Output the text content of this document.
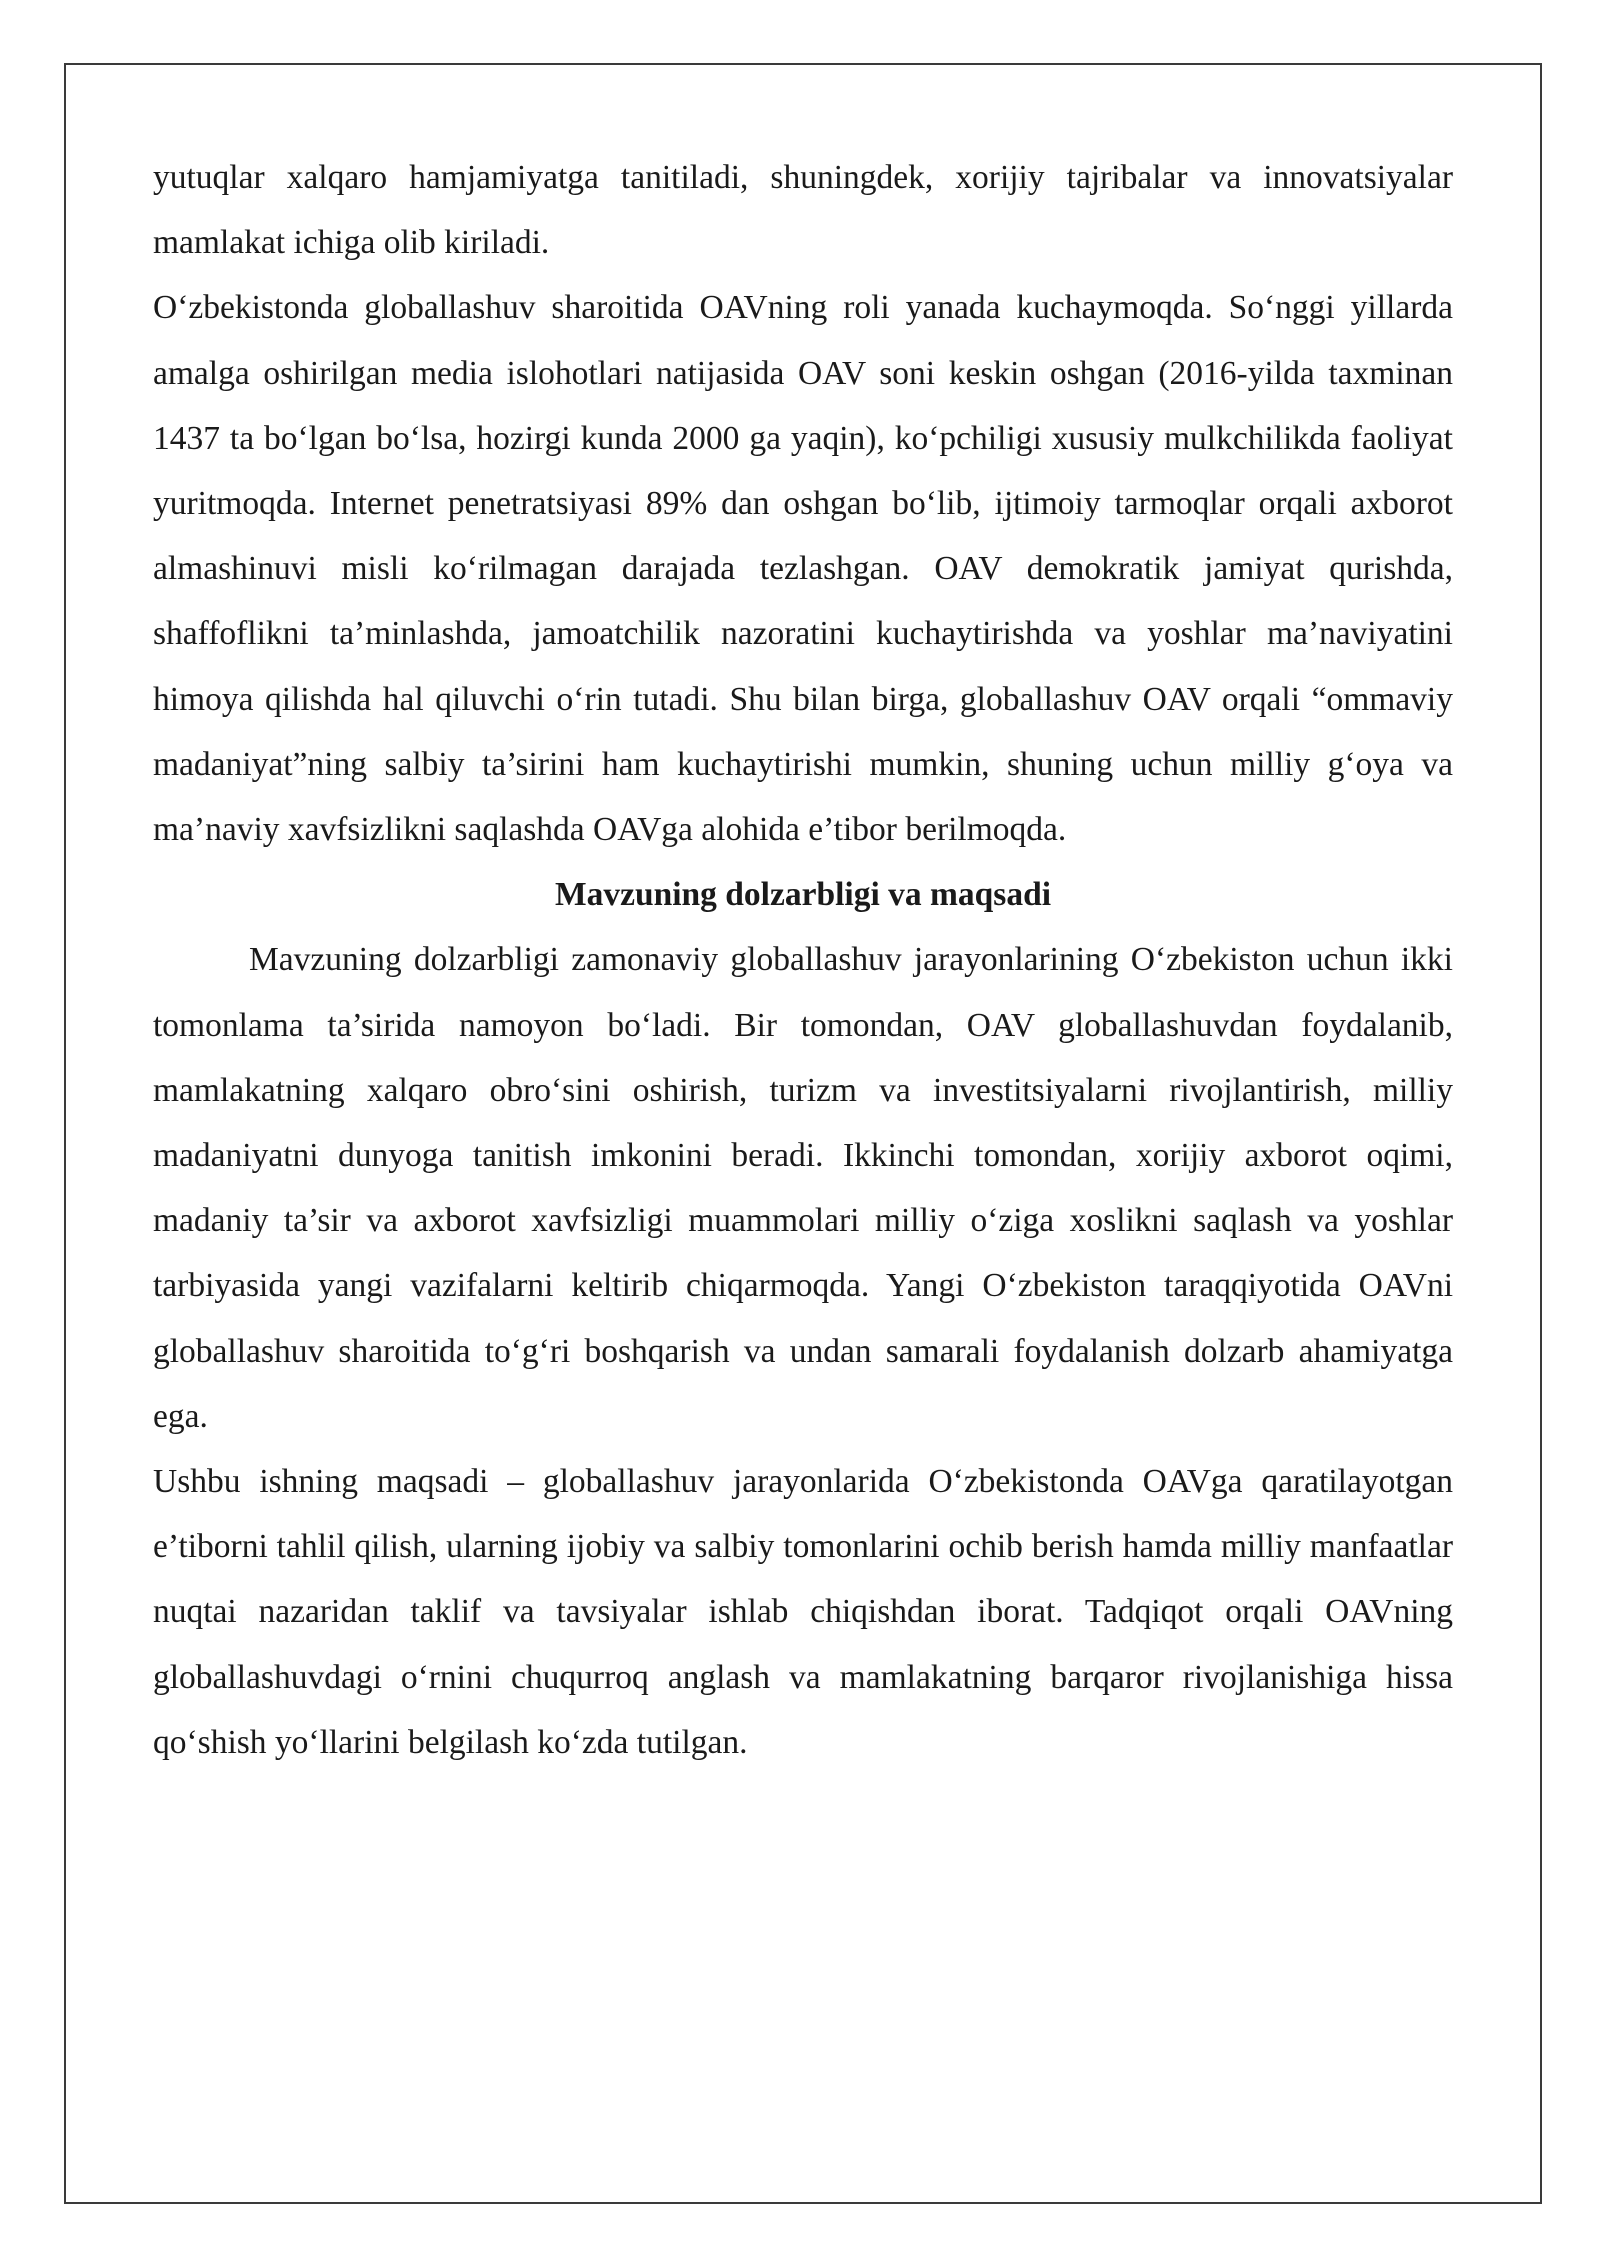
yutuqlar xalqaro hamjamiyatga tanitiladi, shuningdek, xorijiy tajribalar va innovatsiyalar mamlakat ichiga olib kiriladi.

O‘zbekistonda globallashuv sharoitida OAVning roli yanada kuchaymoqda. So‘nggi yillarda amalga oshirilgan media islohotlari natijasida OAV soni keskin oshgan (2016-yilda taxminan 1437 ta bo‘lgan bo‘lsa, hozirgi kunda 2000 ga yaqin), ko‘pchiligi xususiy mulkchilikda faoliyat yuritmoqda. Internet penetratsiyasi 89% dan oshgan bo‘lib, ijtimoiy tarmoqlar orqali axborot almashinuvi misli ko‘rilmagan darajada tezlashgan. OAV demokratik jamiyat qurishda, shaffoflikni ta’minlashda, jamoatchilik nazoratini kuchaytirishda va yoshlar ma’naviyatini himoya qilishda hal qiluvchi o‘rin tutadi. Shu bilan birga, globallashuv OAV orqali “ommaviy madaniyat”ning salbiy ta’sirini ham kuchaytirishi mumkin, shuning uchun milliy g‘oya va ma’naviy xavfsizlikni saqlashda OAVga alohida e’tibor berilmoqda.

Mavzuning dolzarbligi va maqsadi

Mavzuning dolzarbligi zamonaviy globallashuv jarayonlarining O‘zbekiston uchun ikki tomonlama ta’sirida namoyon bo‘ladi. Bir tomondan, OAV globallashuvdan foydalanib, mamlakatning xalqaro obro‘sini oshirish, turizm va investitsiyalarni rivojlantirish, milliy madaniyatni dunyoga tanitish imkonini beradi. Ikkinchi tomondan, xorijiy axborot oqimi, madaniy ta’sir va axborot xavfsizligi muammolari milliy o‘ziga xoslikni saqlash va yoshlar tarbiyasida yangi vazifalarni keltirib chiqarmoqda. Yangi O‘zbekiston taraqqiyotida OAVni globallashuv sharoitida to‘g‘ri boshqarish va undan samarali foydalanish dolzarb ahamiyatga ega.

Ushbu ishning maqsadi – globallashuv jarayonlarida O‘zbekistonda OAVga qaratilayotgan e’tiborni tahlil qilish, ularning ijobiy va salbiy tomonlarini ochib berish hamda milliy manfaatlar nuqtai nazaridan taklif va tavsiyalar ishlab chiqishdan iborat. Tadqiqot orqali OAVning globallashuvdagi o‘rnini chuqurroq anglash va mamlakatning barqaror rivojlanishiga hissa qo‘shish yo‘llarini belgilash ko‘zda tutilgan.
